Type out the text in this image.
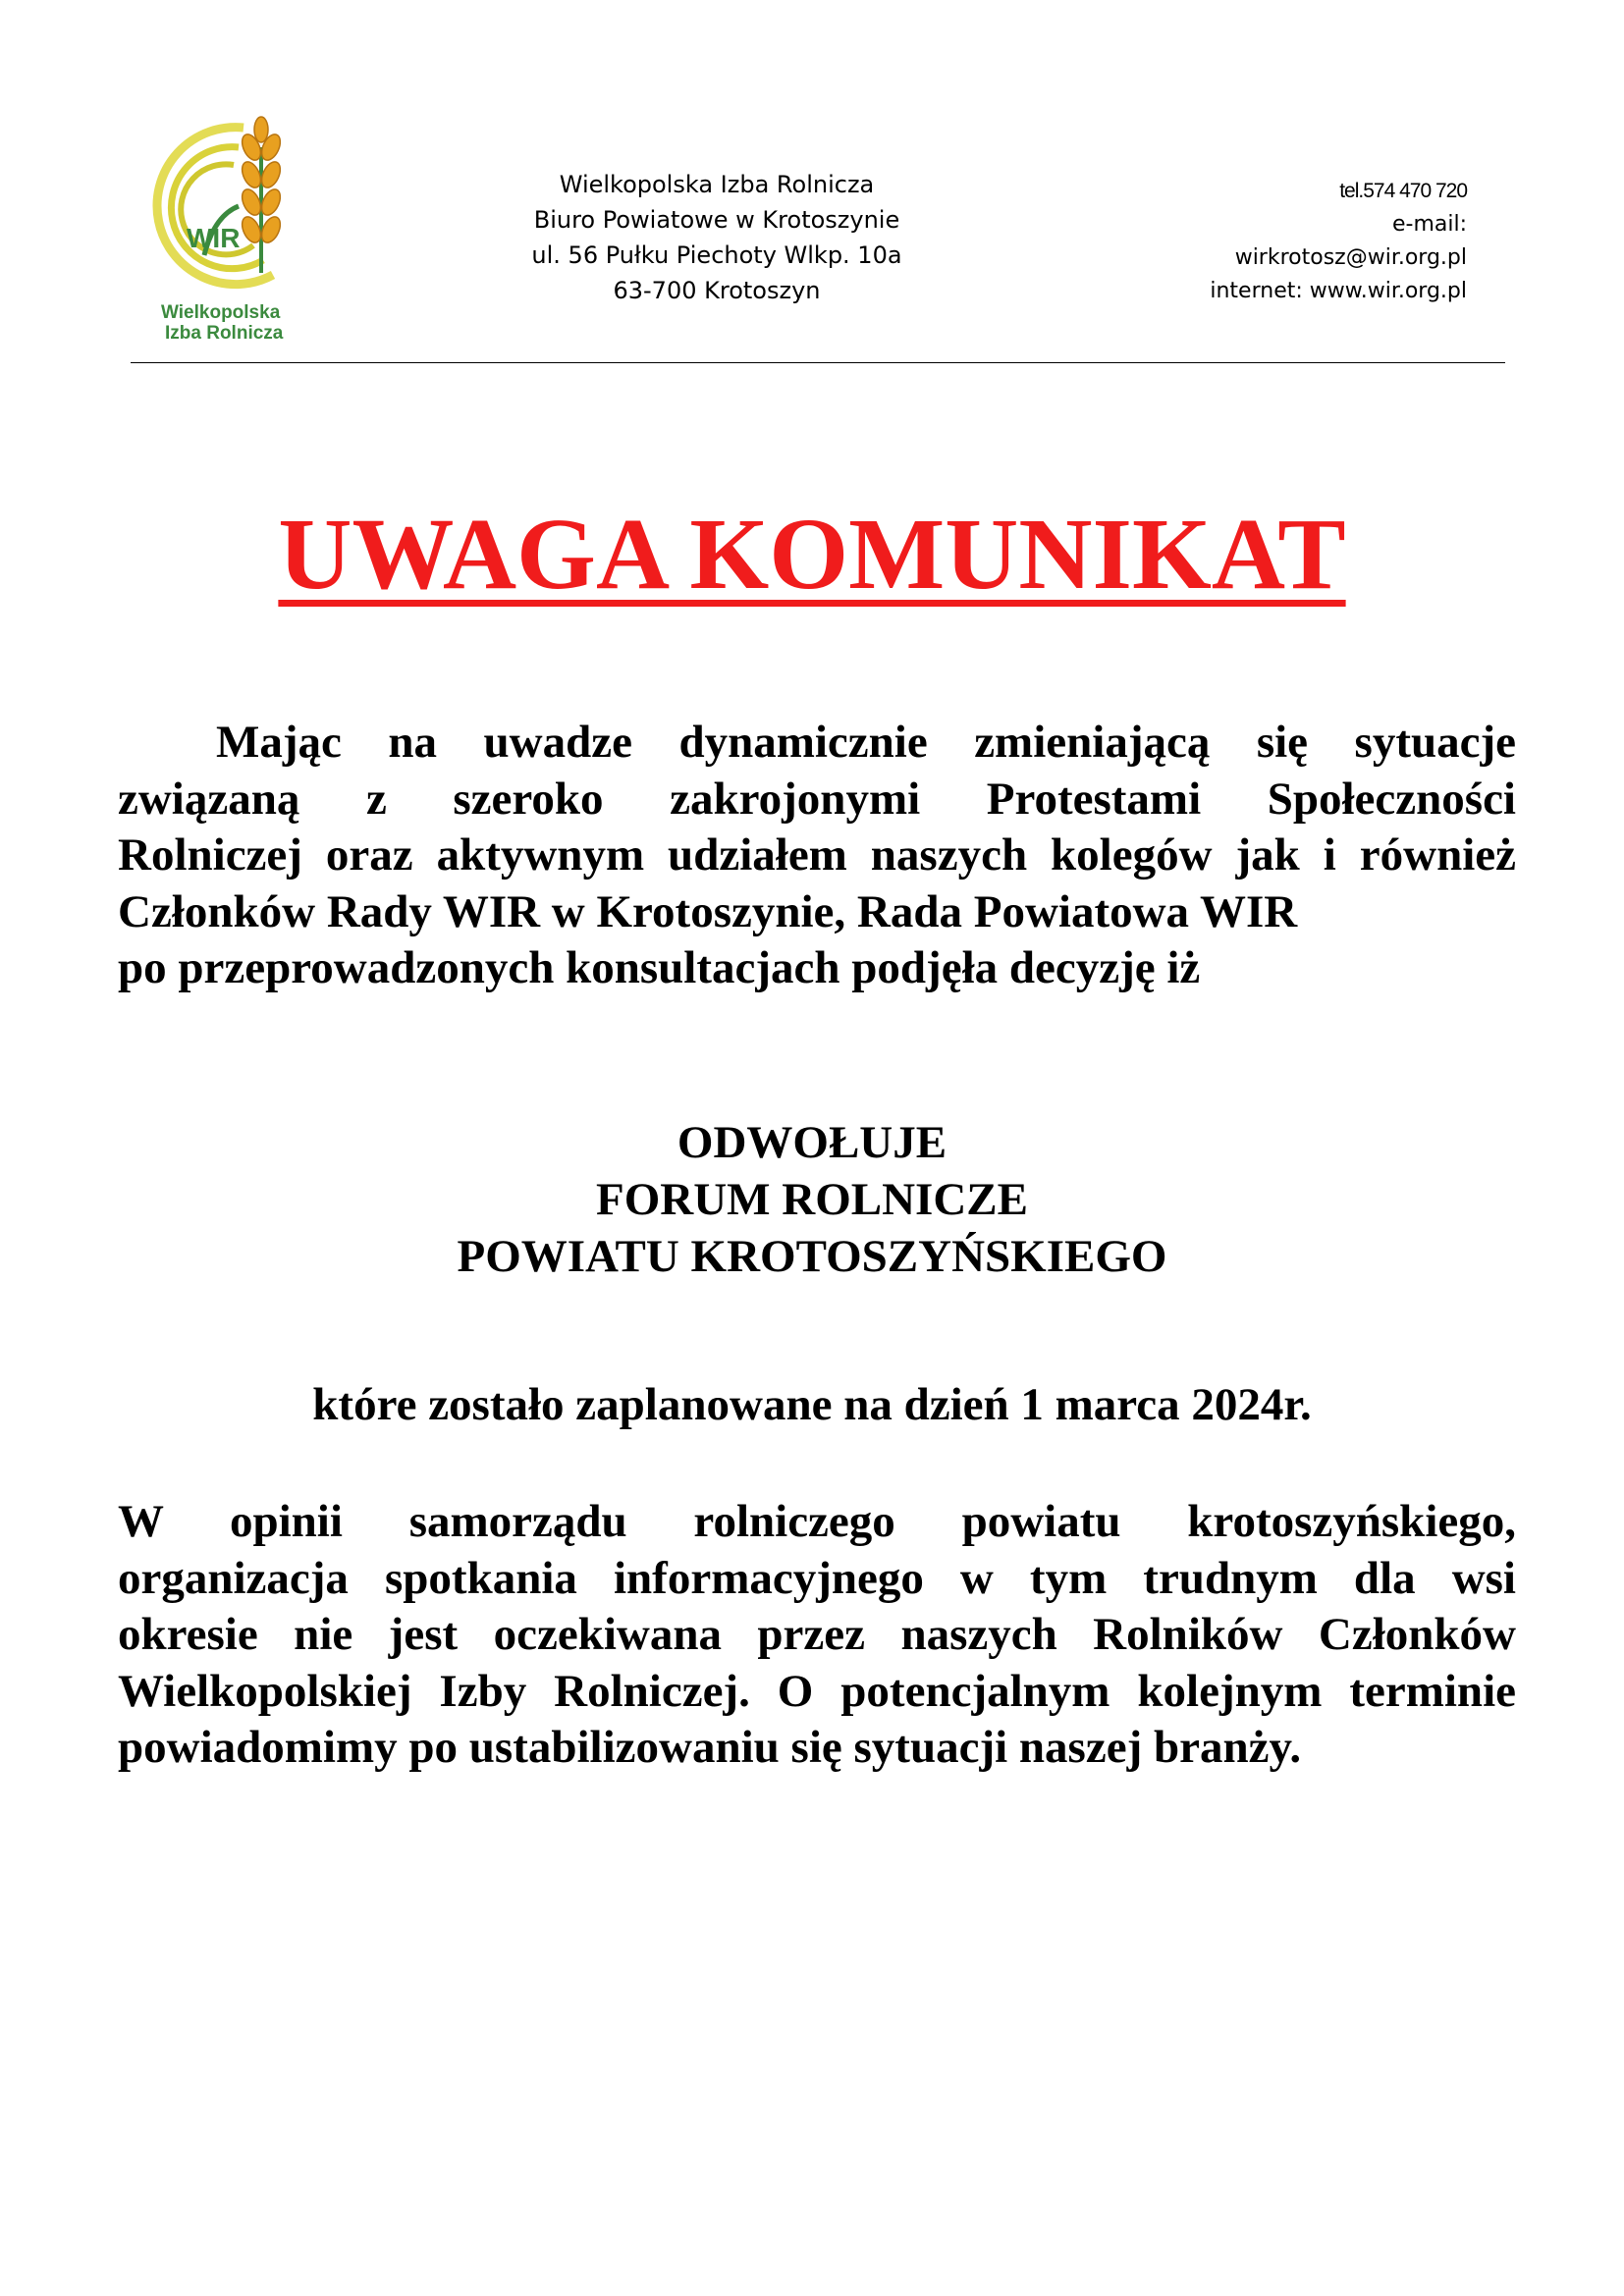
WIR
Wielkopolska
Izba Rolnicza
Wielkopolska Izba Rolnicza
Biuro Powiatowe w Krotoszynie
ul. 56 Pułku Piechoty Wlkp. 10a
63-700 Krotoszyn
tel.574 470 720
e-mail:
wirkrotosz@wir.org.pl
internet: www.wir.org.pl
UWAGA KOMUNIKAT
Mając na uwadze dynamicznie zmieniającą się sytuacje
związaną z szeroko zakrojonymi Protestami Społeczności
Rolniczej oraz aktywnym udziałem naszych kolegów jak i również
Członków Rady WIR w Krotoszynie, Rada Powiatowa WIR
po przeprowadzonych konsultacjach podjęła decyzję iż
ODWOŁUJE
FORUM ROLNICZE
POWIATU KROTOSZYŃSKIEGO
które zostało zaplanowane na dzień 1 marca 2024r.
W opinii samorządu rolniczego powiatu krotoszyńskiego,
organizacja spotkania informacyjnego w tym trudnym dla wsi
okresie nie jest oczekiwana przez naszych Rolników Członków
Wielkopolskiej Izby Rolniczej. O potencjalnym kolejnym terminie
powiadomimy po ustabilizowaniu się sytuacji naszej branży.
